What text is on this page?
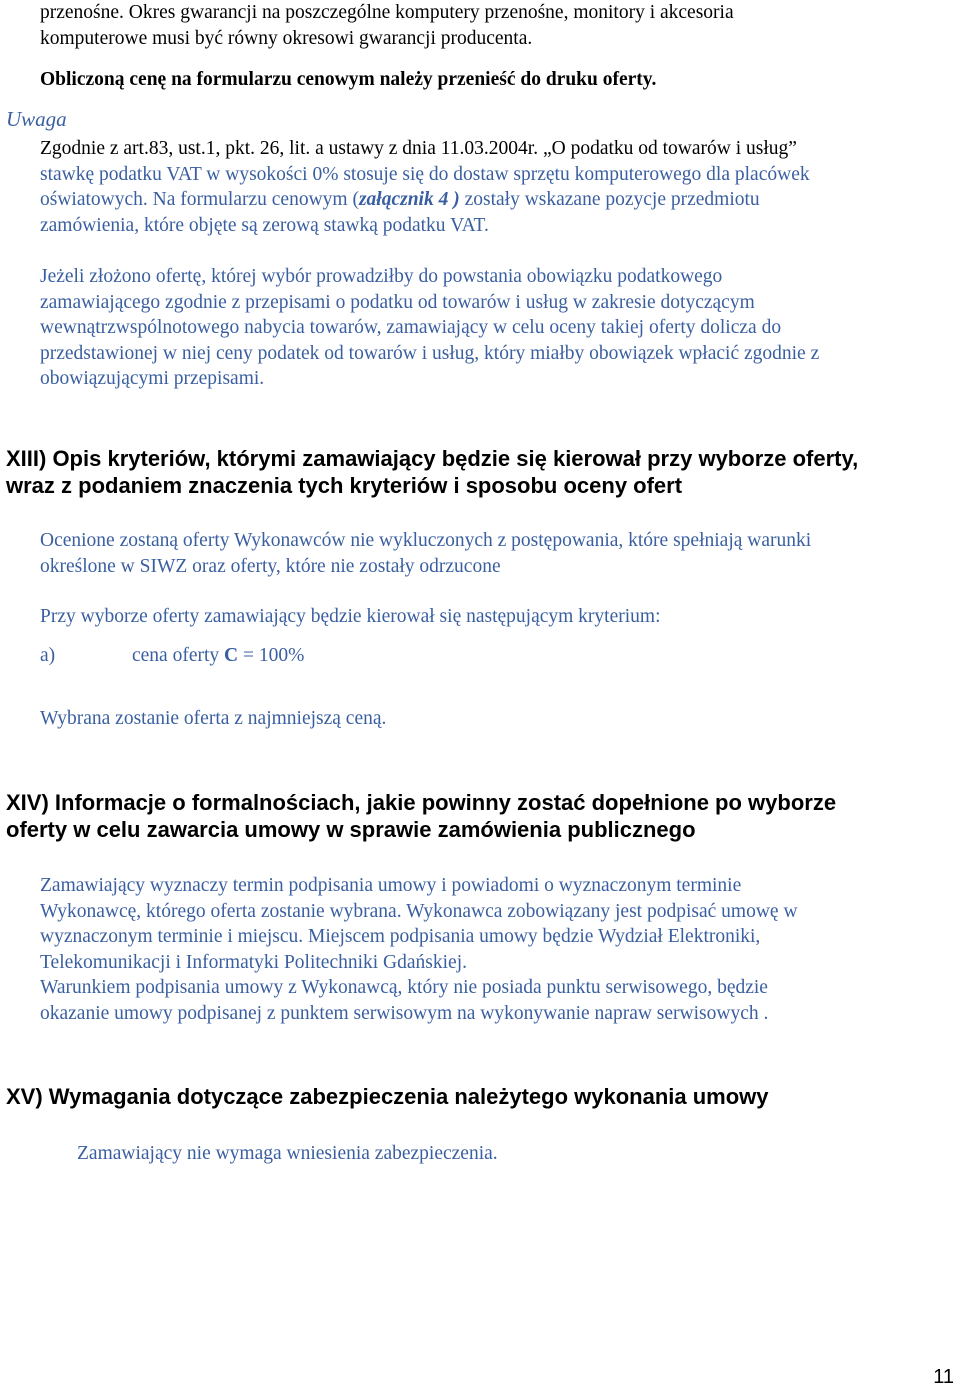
przenośne. Okres gwarancji na poszczególne komputery przenośne, monitory i akcesoria
komputerowe musi być równy okresowi gwarancji producenta.
Obliczoną cenę na formularzu cenowym należy przenieść do druku oferty.
Uwaga
Zgodnie z art.83, ust.1, pkt. 26, lit. a ustawy z dnia 11.03.2004r. „O podatku od towarów i usług”
stawkę podatku VAT w wysokości 0% stosuje się do dostaw sprzętu komputerowego dla placówek
oświatowych. Na formularzu cenowym (załącznik 4 ) zostały wskazane pozycje przedmiotu
zamówienia, które objęte są zerową stawką podatku VAT.
Jeżeli złożono ofertę, której wybór prowadziłby do powstania obowiązku podatkowego
zamawiającego zgodnie z przepisami o podatku od towarów i usług w zakresie dotyczącym
wewnątrzwspólnotowego nabycia towarów, zamawiający w celu oceny takiej oferty dolicza do
przedstawionej w niej ceny podatek od towarów i usług, który miałby obowiązek wpłacić zgodnie z
obowiązującymi przepisami.
XIII) Opis kryteriów, którymi zamawiający będzie się kierował przy wyborze oferty,
wraz z podaniem znaczenia tych kryteriów i sposobu oceny ofert
Ocenione zostaną oferty Wykonawców nie wykluczonych z postępowania, które spełniają warunki
określone w SIWZ oraz oferty, które nie zostały odrzucone
Przy wyborze oferty zamawiający będzie kierował się następującym kryterium:
a)	cena oferty C = 100%
Wybrana zostanie oferta z najmniejszą ceną.
XIV) Informacje o formalnościach, jakie powinny zostać dopełnione po wyborze
oferty w celu zawarcia umowy w sprawie zamówienia publicznego
Zamawiający wyznaczy termin podpisania umowy i powiadomi o wyznaczonym terminie
Wykonawcę, którego oferta zostanie wybrana. Wykonawca zobowiązany jest podpisać umowę w
wyznaczonym terminie i miejscu. Miejscem podpisania umowy będzie Wydział Elektroniki,
Telekomunikacji i Informatyki Politechniki Gdańskiej.
Warunkiem podpisania umowy z Wykonawcą, który nie posiada punktu serwisowego, będzie
okazanie umowy podpisanej z punktem serwisowym na wykonywanie napraw serwisowych .
XV) Wymagania dotyczące zabezpieczenia należytego wykonania umowy
Zamawiający nie wymaga wniesienia zabezpieczenia.
11
